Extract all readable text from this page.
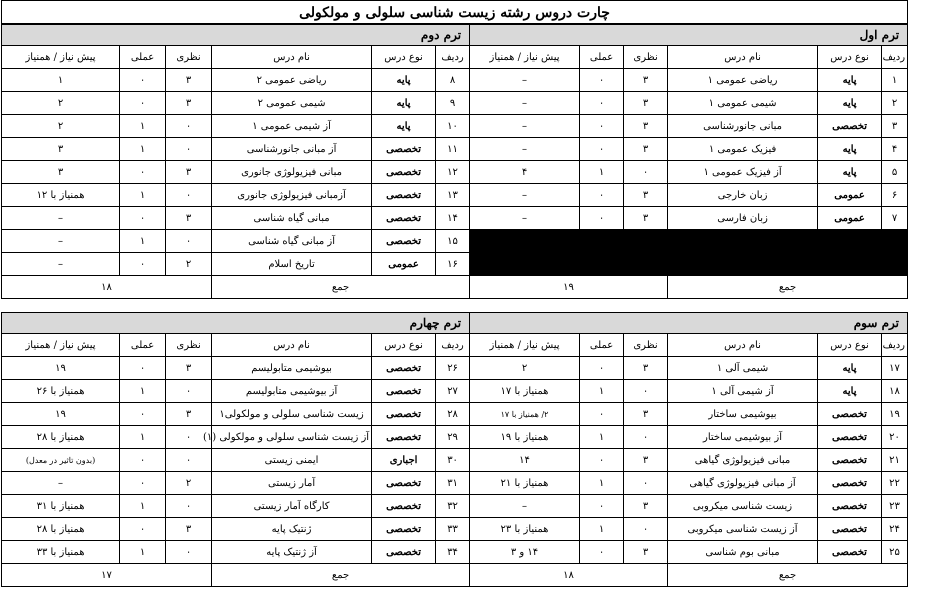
چارت دروس رشته زیست شناسی سلولی و مولکولی
ترم اول					
ردیف	نوع درس	نام درس	نظری	عملی	پیش نیاز / همنیاز
۱	پایه	ریاضی عمومی ۱	۳	۰	–
۲	پایه	شیمی عمومی ۱	۳	۰	–
۳	تخصصی	مبانی جانورشناسی	۳	۰	–
۴	پایه	فیزیک عمومی ۱	۳	۰	–
۵	پایه	آز فیزیک عمومی ۱	۰	۱	۴
۶	عمومی	زبان خارجی	۳	۰	–
۷	عمومی	زبان فارسی	۳	۰	–

جمع			۱۹		
ترم دوم					
ردیف	نوع درس	نام درس	نظری	عملی	پیش نیاز / همنیاز
۸	پایه	ریاضی عمومی ۲	۳	۰	۱
۹	پایه	شیمی عمومی ۲	۳	۰	۲
۱۰	پایه	آز شیمی عمومی ۱	۰	۱	۲
۱۱	تخصصی	آز مبانی جانورشناسی	۰	۱	۳
۱۲	تخصصی	مبانی فیزیولوژی جانوری	۳	۰	۳
۱۳	تخصصی	آزمبانی فیزیولوژی جانوری	۰	۱	همنیاز با ۱۲
۱۴	تخصصی	مبانی گیاه شناسی	۳	۰	–
۱۵	تخصصی	آز مبانی گیاه شناسی	۰	۱	–
۱۶	عمومی	تاریخ اسلام	۲	۰	–
جمع			۱۸		
ترم سوم					
ردیف	نوع درس	نام درس	نظری	عملی	پیش نیاز / همنیاز
۱۷	پایه	شیمی آلی ۱	۳	۰	۲
۱۸	پایه	آز شیمی آلی ۱	۰	۱	همنیاز با ۱۷
۱۹	تخصصی	بیوشیمی ساختار	۳	۰	۲/ همنیاز با ۱۷
۲۰	تخصصی	آز بیوشیمی ساختار	۰	۱	همنیاز با ۱۹
۲۱	تخصصی	مبانی فیزیولوژی گیاهی	۳	۰	۱۴
۲۲	تخصصی	آز مبانی فیزیولوژی گیاهی	۰	۱	همنیاز با ۲۱
۲۳	تخصصی	زیست شناسی میکروبی	۳	۰	–
۲۴	تخصصی	آز زیست شناسی میکروبی	۰	۱	همنیاز با ۲۳
۲۵	تخصصی	مبانی بوم شناسی	۳	۰	۱۴ و ۳
جمع			۱۸		
ترم چهارم					
ردیف	نوع درس	نام درس	نظری	عملی	پیش نیاز / همنیاز
۲۶	تخصصی	بیوشیمی متابولیسم	۳	۰	۱۹
۲۷	تخصصی	آز بیوشیمی متابولیسم	۰	۱	همنیاز با ۲۶
۲۸	تخصصی	زیست شناسی سلولی و مولکولی۱	۳	۰	۱۹
۲۹	تخصصی	آز زیست شناسی سلولی و مولکولی (۱)	۰	۱	همنیاز با ۲۸
۳۰	اجباری	ایمنی زیستی	۰	۰	(بدون تاثیر در معدل)
۳۱	تخصصی	آمار زیستی	۲	۰	–
۳۲	تخصصی	کارگاه آمار زیستی	۰	۱	همنیاز با ۳۱
۳۳	تخصصی	ژنتیک پایه	۳	۰	همنیاز با ۲۸
۳۴	تخصصی	آز ژنتیک پایه	۰	۱	همنیاز با ۳۳
جمع			۱۷		
